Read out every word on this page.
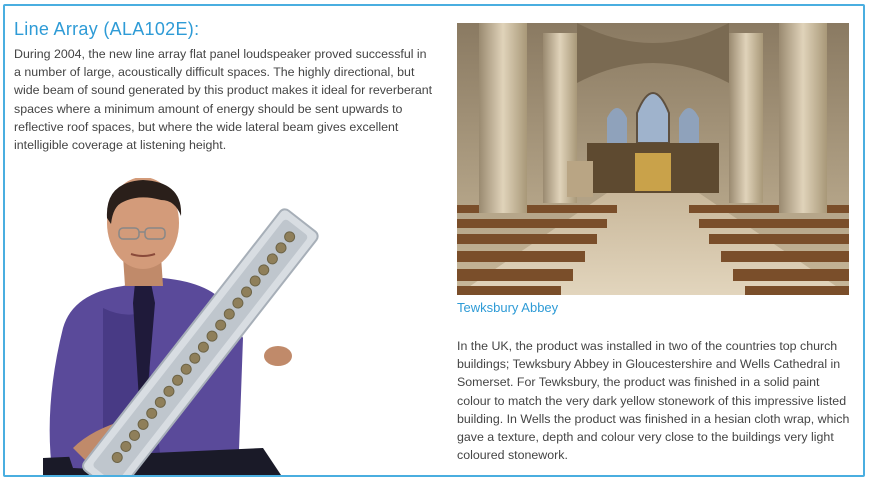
Line Array (ALA102E):

During 2004, the new line array flat panel loudspeaker proved successful in a number of large, acoustically difficult spaces. The highly directional, but wide beam of sound generated by this product makes it ideal for reverberant spaces where a minimum amount of energy should be sent upwards to reflective roof spaces, but where the wide lateral beam gives excellent intelligible coverage at listening height.

Tewksbury Abbey

In the UK, the product was installed in two of the countries top church buildings; Tewksbury Abbey in Gloucestershire and Wells Cathedral in Somerset. For Tewksbury, the product was finished in a solid paint colour to match the very dark yellow stonework of this impressive listed building. In Wells the product was finished in a hesian cloth wrap, which gave a texture, depth and colour very close to the buildings very light coloured stonework.
